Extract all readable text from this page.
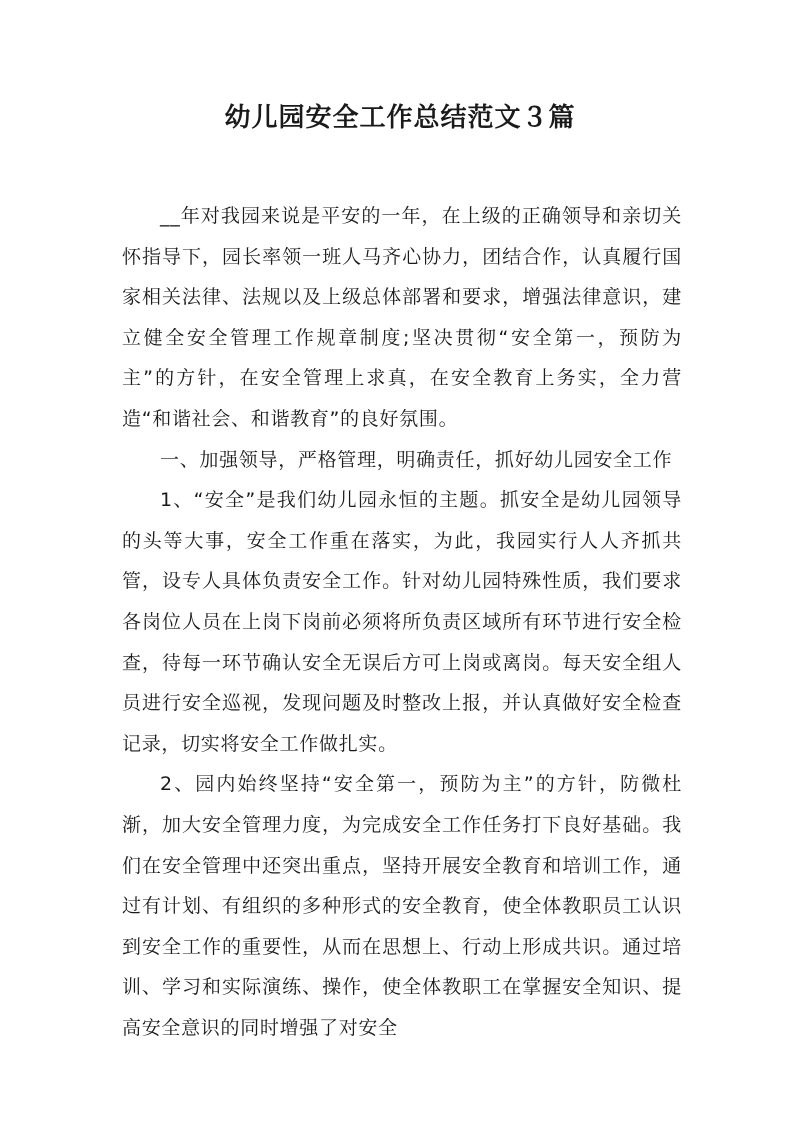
幼儿园安全工作总结范文３篇

__年对我园来说是平安的一年，在上级的正确领导和亲切关怀指导下，园长率领一班人马齐心协力，团结合作，认真履行国家相关法律、法规以及上级总体部署和要求，增强法律意识，建立健全安全管理工作规章制度;坚决贯彻“安全第一，预防为主”的方针，在安全管理上求真，在安全教育上务实，全力营造“和谐社会、和谐教育”的良好氛围。

一、加强领导，严格管理，明确责任，抓好幼儿园安全工作

1、“安全”是我们幼儿园永恒的主题。抓安全是幼儿园领导的头等大事，安全工作重在落实，为此，我园实行人人齐抓共管，设专人具体负责安全工作。针对幼儿园特殊性质，我们要求各岗位人员在上岗下岗前必须将所负责区域所有环节进行安全检查，待每一环节确认安全无误后方可上岗或离岗。每天安全组人员进行安全巡视，发现问题及时整改上报，并认真做好安全检查记录，切实将安全工作做扎实。

2、园内始终坚持“安全第一，预防为主”的方针，防微杜渐，加大安全管理力度，为完成安全工作任务打下良好基础。我们在安全管理中还突出重点，坚持开展安全教育和培训工作，通过有计划、有组织的多种形式的安全教育，使全体教职员工认识到安全工作的重要性，从而在思想上、行动上形成共识。通过培训、学习和实际演练、操作，使全体教职工在掌握安全知识、提高安全意识的同时增强了对安全
